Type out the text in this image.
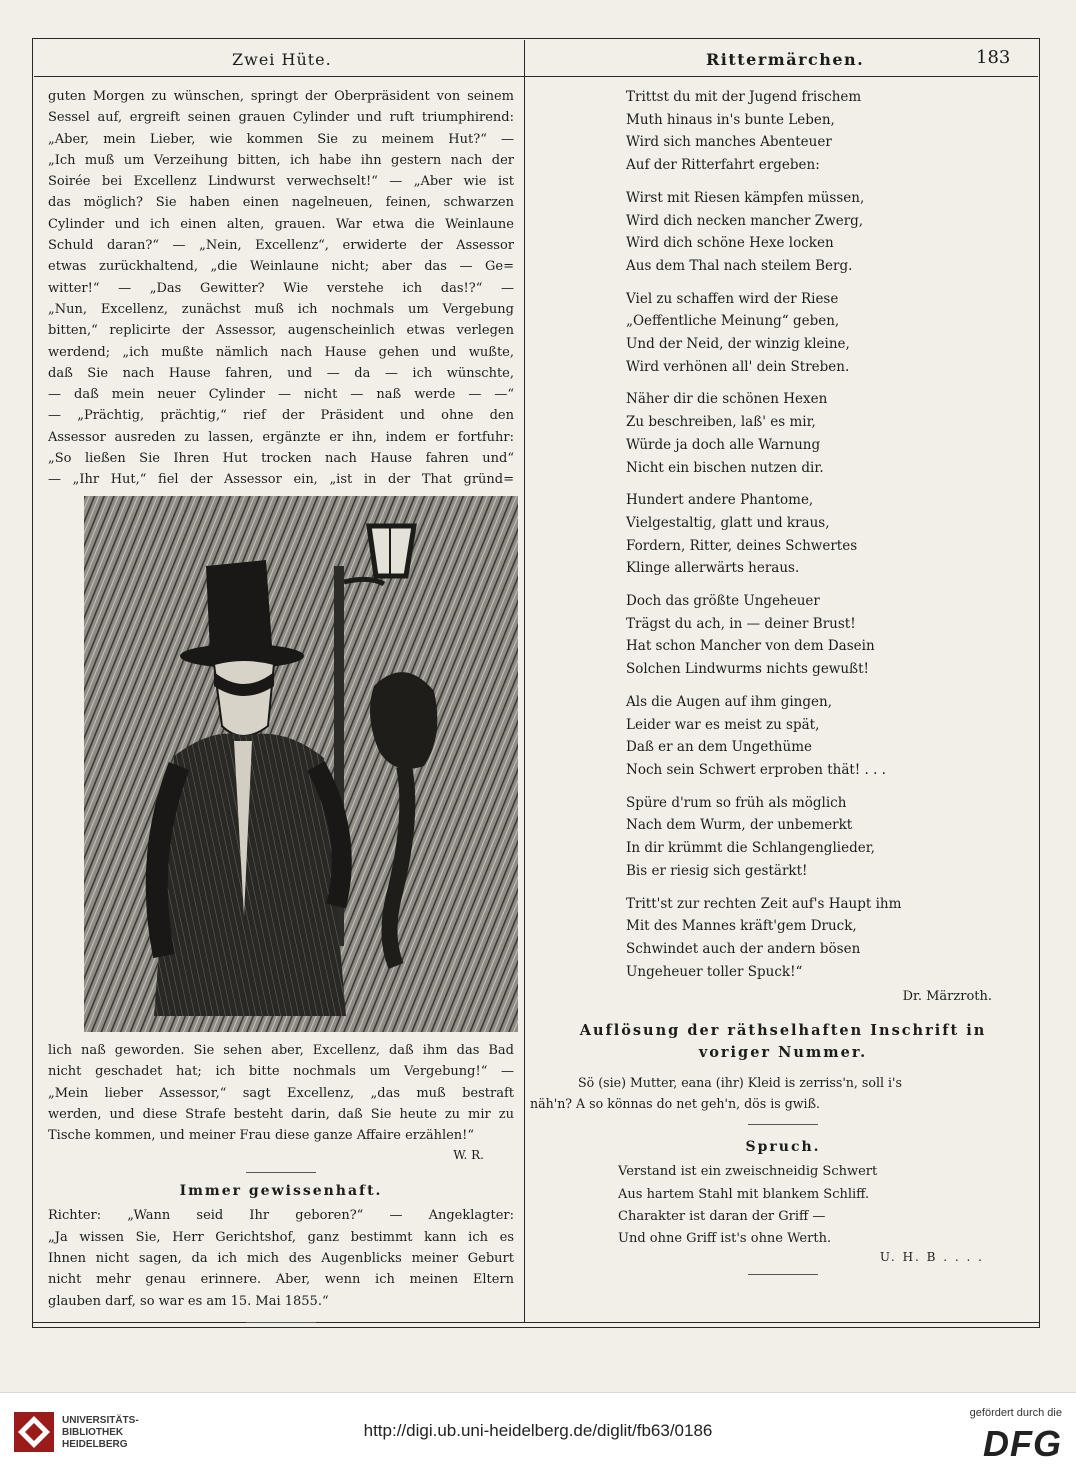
Zwei Hüte.	Rittermärchen.	183

guten Morgen zu wünschen, springt der Oberpräsident von seinem

Sessel auf, ergreift seinen grauen Cylinder und ruft triumphirend:

„Aber, mein Lieber, wie kommen Sie zu meinem Hut?“ —

„Ich muß um Verzeihung bitten, ich habe ihn gestern nach der

Soirée bei Excellenz Lindwurst verwechselt!“ — „Aber wie ist

das möglich? Sie haben einen nagelneuen, feinen, schwarzen

Cylinder und ich einen alten, grauen. War etwa die Weinlaune

Schuld daran?“ — „Nein, Excellenz“, erwiderte der Assessor

etwas zurückhaltend, „die Weinlaune nicht; aber das — Ge=

witter!“ — „Das Gewitter? Wie verstehe ich das!?“ —

„Nun, Excellenz, zunächst muß ich nochmals um Vergebung

bitten,“ replicirte der Assessor, augenscheinlich etwas verlegen

werdend; „ich mußte nämlich nach Hause gehen und wußte,

daß Sie nach Hause fahren, und — da — ich wünschte,

— daß mein neuer Cylinder — nicht — naß werde — —“

— „Prächtig, prächtig,“ rief der Präsident und ohne den

Assessor ausreden zu lassen, ergänzte er ihn, indem er fortfuhr:

„So ließen Sie Ihren Hut trocken nach Hause fahren und“

— „Ihr Hut,“ fiel der Assessor ein, „ist in der That gründ=

lich naß geworden. Sie sehen aber, Excellenz, daß ihm das Bad

nicht geschadet hat; ich bitte nochmals um Vergebung!“ —

„Mein lieber Assessor,“ sagt Excellenz, „das muß bestraft

werden, und diese Strafe besteht darin, daß Sie heute zu mir zu

Tische kommen, und meiner Frau diese ganze Affaire erzählen!“

W. R.
Immer gewissenhaft.

Richter: „Wann seid Ihr geboren?“ — Angeklagter:

„Ja wissen Sie, Herr Gerichtshof, ganz bestimmt kann ich es

Ihnen nicht sagen, da ich mich des Augenblicks meiner Geburt

nicht mehr genau erinnere. Aber, wenn ich meinen Eltern

glauben darf, so war es am 15. Mai 1855.“

Trittst du mit der Jugend frischem
Muth hinaus in's bunte Leben,
Wird sich manches Abenteuer
Auf der Ritterfahrt ergeben:
Wirst mit Riesen kämpfen müssen,
Wird dich necken mancher Zwerg,
Wird dich schöne Hexe locken
Aus dem Thal nach steilem Berg.
Viel zu schaffen wird der Riese
„Oeffentliche Meinung“ geben,
Und der Neid, der winzig kleine,
Wird verhönen all' dein Streben.
Näher dir die schönen Hexen
Zu beschreiben, laß' es mir,
Würde ja doch alle Warnung
Nicht ein bischen nutzen dir.
Hundert andere Phantome,
Vielgestaltig, glatt und kraus,
Fordern, Ritter, deines Schwertes
Klinge allerwärts heraus.
Doch das größte Ungeheuer
Trägst du ach, in — deiner Brust!
Hat schon Mancher von dem Dasein
Solchen Lindwurms nichts gewußt!
Als die Augen auf ihm gingen,
Leider war es meist zu spät,
Daß er an dem Ungethüme
Noch sein Schwert erproben thät! . . .
Spüre d'rum so früh als möglich
Nach dem Wurm, der unbemerkt
In dir krümmt die Schlangenglieder,
Bis er riesig sich gestärkt!
Tritt'st zur rechten Zeit auf's Haupt ihm
Mit des Mannes kräft'gem Druck,
Schwindet auch der andern bösen
Ungeheuer toller Spuck!“
Dr. Märzroth.
Auflösung der räthselhaften Inschrift in
voriger Nummer.

Sö (sie) Mutter, eana (ihr) Kleid is zerriss'n, soll i's

näh'n? A so könnas do net geh'n, dös is gwiß.

Spruch.
Verstand ist ein zweischneidig Schwert
Aus hartem Stahl mit blankem Schliff.
Charakter ist daran der Griff —
Und ohne Griff ist's ohne Werth.
U. H. B . . . .
UNIVERSITÄTS-
BIBLIOTHEK
HEIDELBERG
http://digi.ub.uni-heidelberg.de/diglit/fb63/0186
gefördert durch die
DFG
